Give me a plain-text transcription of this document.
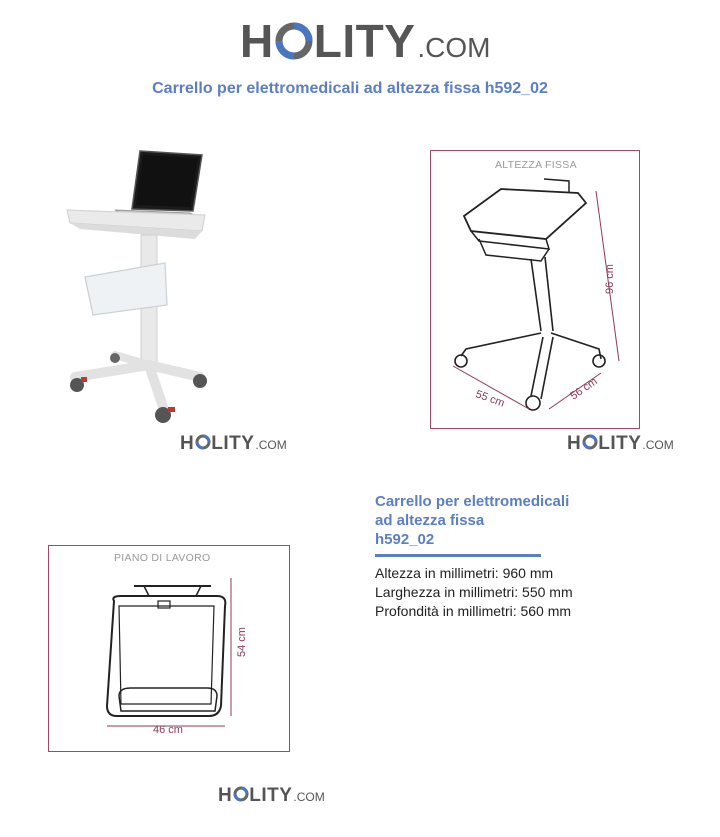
H LITY .COM
Carrello per elettromedicali ad altezza fissa h592_02
H LITY .COM
ALTEZZA FISSA
96 cm
55 cm	56 cm
H LITY .COM
Carrello per elettromedicali
ad altezza fissa
h592_02
Altezza in millimetri: 960 mm
Larghezza in millimetri: 550 mm
Profondità in millimetri: 560 mm
PIANO DI LAVORO
54 cm
46 cm
H LITY .COM
